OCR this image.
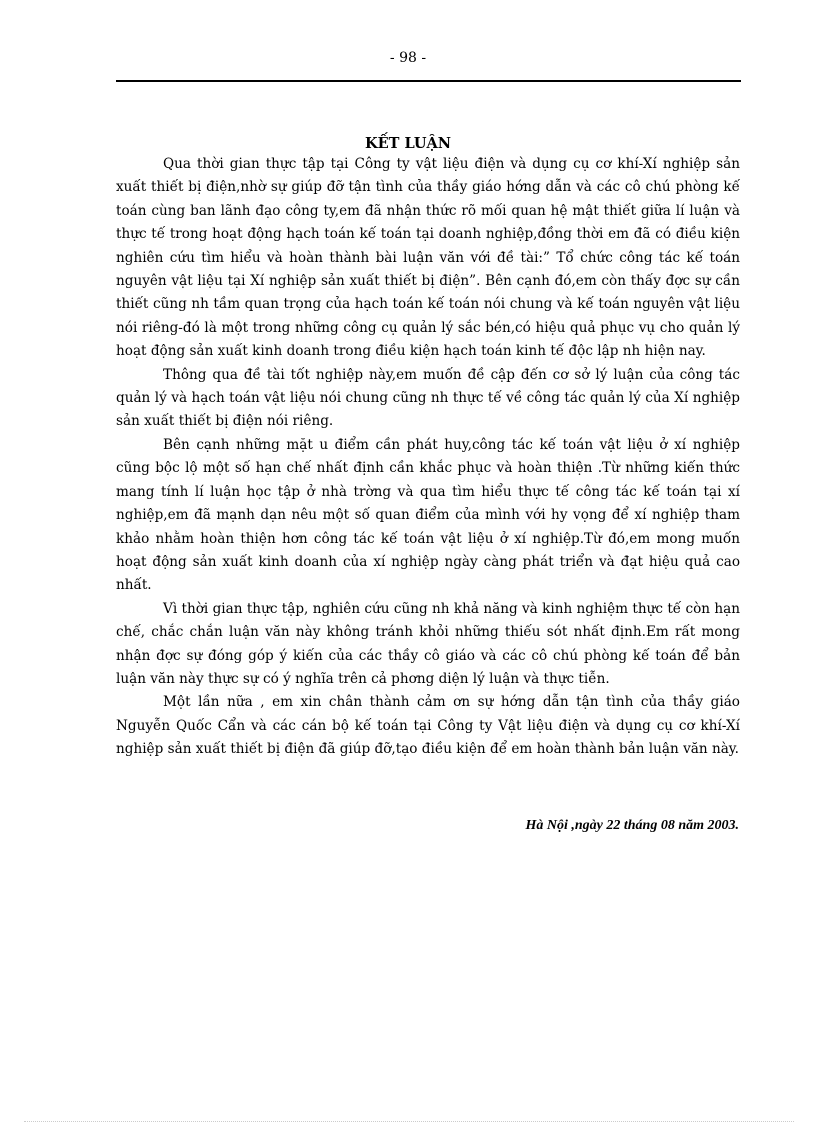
- 98 -
KẾT LUẬN

Qua thời gian thực tập tại Công ty vật liệu điện và dụng cụ cơ khí-Xí nghiệp sản xuất thiết bị điện,nhờ sự giúp đỡ tận tình của thầy giáo hớng dẫn và các cô chú phòng kế toán cùng ban lãnh đạo công ty,em đã nhận thức rõ mối quan hệ mật thiết giữa lí luận và thực tế trong hoạt động hạch toán kế toán tại doanh nghiệp,đồng thời em đã có điều kiện nghiên cứu tìm hiểu và hoàn thành bài luận văn với đề tài:” Tổ chức công tác kế toán nguyên vật liệu tại Xí nghiệp sản xuất thiết bị điện”. Bên cạnh đó,em còn thấy đợc sự cần thiết cũng nh tầm quan trọng của hạch toán kế toán nói chung và kế toán nguyên vật liệu nói riêng-đó là một trong những công cụ quản lý sắc bén,có hiệu quả phục vụ cho quản lý hoạt động sản xuất kinh doanh trong điều kiện hạch toán kinh tế độc lập nh hiện nay.

Thông qua đề tài tốt nghiệp này,em muốn đề cập đến cơ sở lý luận của công tác quản lý và hạch toán vật liệu nói chung cũng nh thực tế về công tác quản lý của Xí nghiệp sản xuất thiết bị điện nói riêng.

Bên cạnh những mặt u điểm cần phát huy,công tác kế toán vật liệu ở xí nghiệp cũng bộc lộ một số hạn chế nhất định cần khắc phục và hoàn thiện .Từ những kiến thức mang tính lí luận học tập ở nhà trờng và qua tìm hiểu thực tế công tác kế toán tại xí nghiệp,em đã mạnh dạn nêu một số quan điểm của mình với hy vọng để xí nghiệp tham khảo nhằm hoàn thiện hơn công tác kế toán vật liệu ở xí nghiệp.Từ đó,em mong muốn hoạt động sản xuất kinh doanh của xí nghiệp ngày càng phát triển và đạt hiệu quả cao nhất.

Vì thời gian thực tập, nghiên cứu cũng nh khả năng và kinh nghiệm thực tế còn hạn chế, chắc chắn luận văn này không tránh khỏi những thiếu sót nhất định.Em rất mong nhận đợc sự đóng góp ý kiến của các thầy cô giáo và các cô chú phòng kế toán để bản luận văn này thực sự có ý nghĩa trên cả phơng diện lý luận và thực tiễn.

Một lần nữa , em xin chân thành cảm ơn sự hớng dẫn tận tình của thầy giáo Nguyễn Quốc Cẩn và các cán bộ kế toán tại Công ty Vật liệu điện và dụng cụ cơ khí-Xí nghiệp sản xuất thiết bị điện đã giúp đỡ,tạo điều kiện để em hoàn thành bản luận văn này.

Hà Nội ,ngày 22 tháng 08 năm 2003.
